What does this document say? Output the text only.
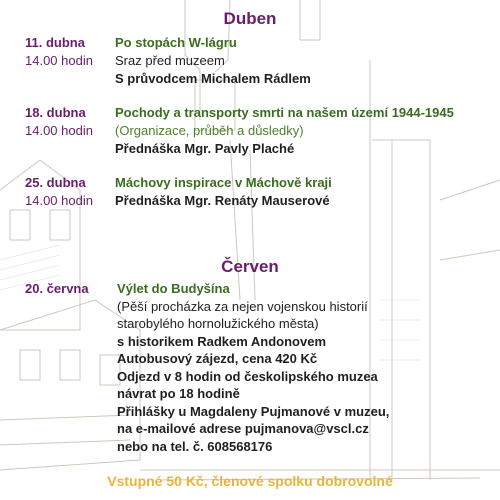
Duben
11. dubna Po stopách W-lágru
14.00 hodin Sraz před muzeem
S průvodcem Michalem Rádlem
18. dubna Pochody a transporty smrti na našem území 1944-1945
14.00 hodin (Organizace, průběh a důsledky)
Přednáška Mgr. Pavly Plaché
25. dubna Máchovy inspirace v Máchově kraji
14.00 hodin Přednáška Mgr. Renáty Mauserové
Červen
20. června Výlet do Budyšína
(Pěší procházka za nejen vojenskou historií
starobylého hornolužického města)
s historikem Radkem Andonovem
Autobusový zájezd, cena 420 Kč
Odjezd v 8 hodin od českolipského muzea
návrat po 18 hodině
Přihlášky u Magdaleny Pujmanové v muzeu,
na e-mailové adrese pujmanova@vscl.cz
nebo na tel. č. 608568176
Vstupné 50 Kč, členové spolku dobrovolné
